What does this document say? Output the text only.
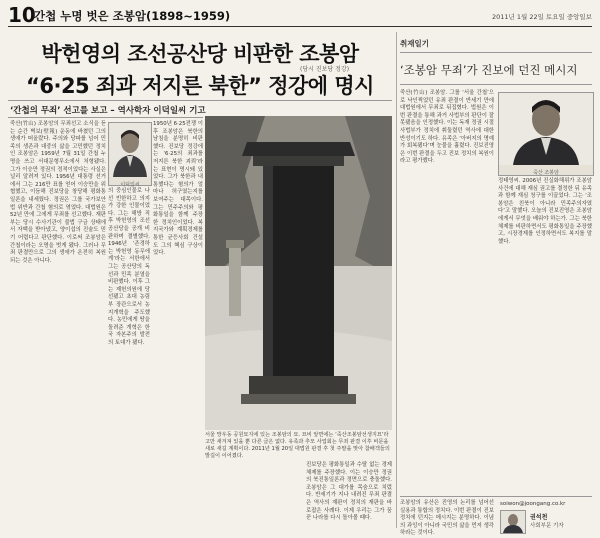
10
간첩 누명 벗은 조봉암(1898~1959)	2011년 1월 22일 토요일 중앙일보
박헌영의 조선공산당 비판한 조봉암
(당시 진보당 정강)
“6·25 죄과 저지른 북한” 정강에 명시
‘간첩의 무죄’ 선고를 보고 – 역사학자 이덕일씨 기고
죽산(竹山) 조봉암의 무죄선고 소식을 듣는 순간 벽보(壁報) 운동에 바쳤던 그의 생애가 떠올랐다. 주의와 당파를 넘어 민족의 생존과 대중의 삶을 고민했던 정치인 조봉암은 1959년 7월 31일 간첩 누명을 쓰고 서대문형무소에서 처형됐다. 그가 이승만 정권의 정적이었다는 사실은 널리 알려져 있다. 1956년 대통령 선거에서 그는 216만 표를 얻어 이승만을 위협했고, 이듬해 진보당을 창당해 평화통일론을 내세웠다. 정권은 그를 국가보안법 위반과 간첩 혐의로 엮었다. 대법원은 52년 만에 그에게 무죄를 선고했다. 재판부는 당시 수사기관이 불법 구금 상태에서 자백을 받아냈고, 양이섭의 진술도 믿기 어렵다고 판단했다. 이로써 조봉암은 간첩이라는 오명을 벗게 됐다. 그러나 무죄 판결만으로 그의 생애가 온전히 복원되는 것은 아니다.
이덕일씨
의 중심인물로 나선 빈한하고 의지가 강한 인물이었다. 그는 해방 직후 박헌영의 조선공산당을 공개 비판하며 결별했다. 1946년 ‘존경하는 박헌영 동무에게’라는 서한에서 그는 공산당의 독선과 민족 분열을 비판했다. 이후 그는 제헌의원에 당선됐고 초대 농림부 장관으로서 농지개혁을 주도했다. 농민에게 땅을 돌려준 개혁은 한국 자본주의 발전의 토대가 됐다.
1950년 6·25전쟁 이후 조봉암은 북한의 남침을 분명히 비판했다. 진보당 정강에는 ‘6·25의 죄과를 저지른 북한 괴뢰’라는 표현이 명시돼 있었다. 그가 북한과 내통했다는 혐의가 얼마나 허구였는지를 보여주는 대목이다. 그는 민주주의와 평화통일을 함께 주장한 정치인이었다. 복지국가와 계획경제를 통한 균등사회 건설도 그의 핵심 구상이었다.
서울 망우동 공원묘지에 있는 조봉암의 묘. 묘비 앞면에는 ‘죽산조봉암선생지묘’라고만 새겨져 있을 뿐 다른 글은 없다. 유족과 추모 사업회는 무죄 판결 이후 비문을 새로 새길 계획이다. 2011년 1월 20일 대법원 판결 후 첫 주말을 맞아 참배객들의 발길이 이어졌다.
진보당은 평화통일과 수탈 없는 경제체제를 주장했다. 이는 이승만 정권의 북진통일론과 정면으로 충돌했다. 조봉암은 그 대가를 목숨으로 치렀다. 반세기가 지나 내려진 무죄 판결은 역사의 재판이 정치의 재판을 바로잡은 사례다. 이제 우리는 그가 꿈꾼 나라를 다시 돌아볼 때다.
취재일기
‘조봉암 무죄’가 진보에 던진 메시지
죽산(竹山) 조봉암. 그를 ‘서울 간첩’으로 낙인찍었던 유죄 판결이 반세기 만에 대법원에서 무죄로 뒤집혔다. 법원은 이번 판결을 통해 과거 사법부의 판단이 잘못됐음을 인정했다. 이는 독재 정권 시절 사법부가 정치에 휘둘렸던 역사에 대한 반성이기도 하다. 유족은 ‘아버지의 명예가 회복됐다’며 눈물을 흘렸다. 진보진영은 이번 판결을 두고 진보 정치의 복원이라고 평가했다.
죽산 조봉암
정태영씨. 2006년 진실화해위가 조봉암 사건에 대해 재심 권고를 결정한 뒤 유족과 함께 재심 청구를 이끌었다. 그는 ‘조봉암은 친북이 아니라 민족주의자였다’고 말했다. 오늘의 진보진영은 조봉암에게서 무엇을 배워야 하는가. 그는 북한 체제를 비판하면서도 평화통일을 주장했고, 시장경제를 인정하면서도 복지를 말했다.
soiwon@joongang.co.kr
조봉암의 유산은 진영의 논리를 넘어선 실용과 통합의 정치다. 이번 판결이 진보 정치에 던지는 메시지는 분명하다. 이념의 과잉이 아니라 국민의 삶을 먼저 생각하라는 것이다.
권석천
사회부문 기자
